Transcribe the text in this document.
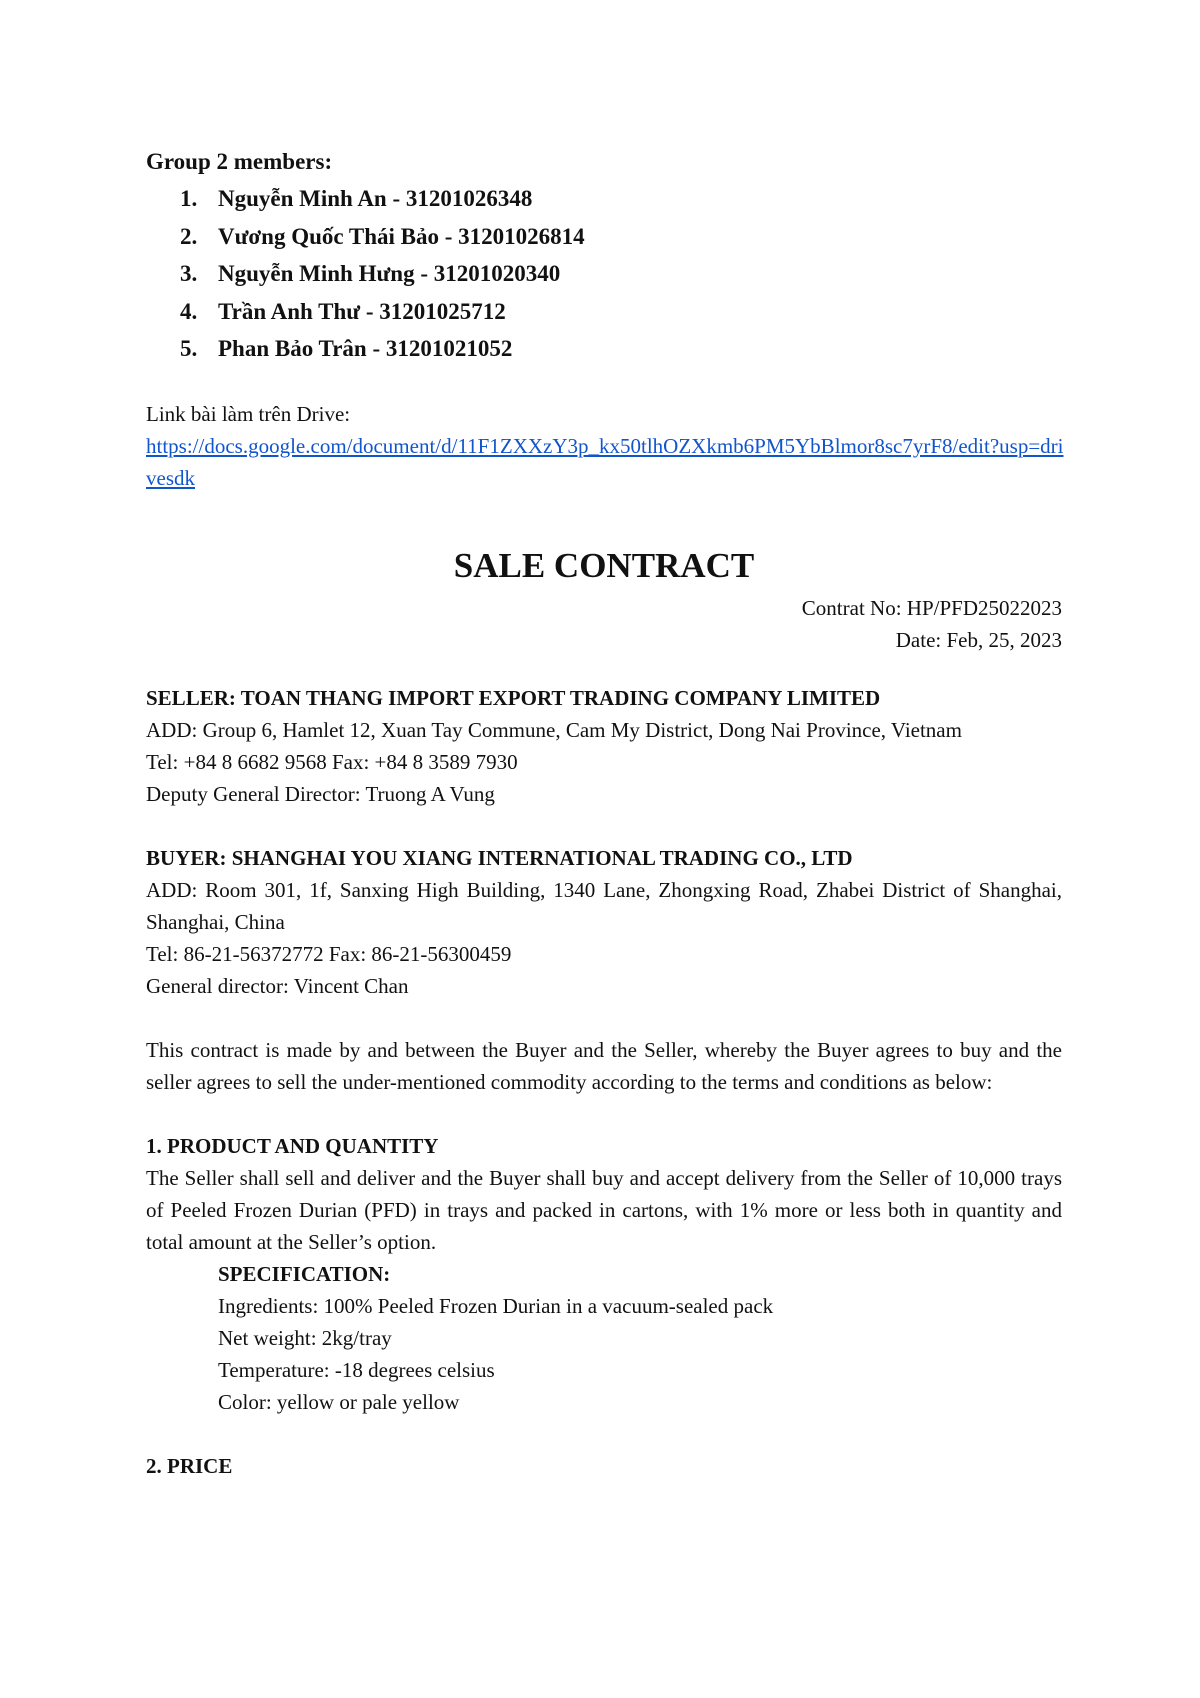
Group 2 members:
1. Nguyễn Minh An - 31201026348
2. Vương Quốc Thái Bảo - 31201026814
3. Nguyễn Minh Hưng - 31201020340
4. Trần Anh Thư - 31201025712
5. Phan Bảo Trân - 31201021052
Link bài làm trên Drive:
https://docs.google.com/document/d/11F1ZXXzY3p_kx50tlhOZXkmb6PM5YbBlmor8sc7yrF8/edit?usp=drivesdk
SALE CONTRACT
Contrat No: HP/PFD25022023
Date: Feb, 25, 2023
SELLER: TOAN THANG IMPORT EXPORT TRADING COMPANY LIMITED
ADD: Group 6, Hamlet 12, Xuan Tay Commune, Cam My District, Dong Nai Province, Vietnam
Tel: +84 8 6682 9568 Fax: +84 8 3589 7930
Deputy General Director: Truong A Vung
BUYER: SHANGHAI YOU XIANG INTERNATIONAL TRADING CO., LTD
ADD: Room 301, 1f, Sanxing High Building, 1340 Lane, Zhongxing Road, Zhabei District of Shanghai, Shanghai, China
Tel: 86-21-56372772 Fax: 86-21-56300459
General director: Vincent Chan
This contract is made by and between the Buyer and the Seller, whereby the Buyer agrees to buy and the seller agrees to sell the under-mentioned commodity according to the terms and conditions as below:
1. PRODUCT AND QUANTITY
The Seller shall sell and deliver and the Buyer shall buy and accept delivery from the Seller of 10,000 trays of Peeled Frozen Durian (PFD) in trays and packed in cartons, with 1% more or less both in quantity and total amount at the Seller’s option.
SPECIFICATION:
Ingredients: 100% Peeled Frozen Durian in a vacuum-sealed pack
Net weight: 2kg/tray
Temperature: -18 degrees celsius
Color: yellow or pale yellow
2. PRICE
